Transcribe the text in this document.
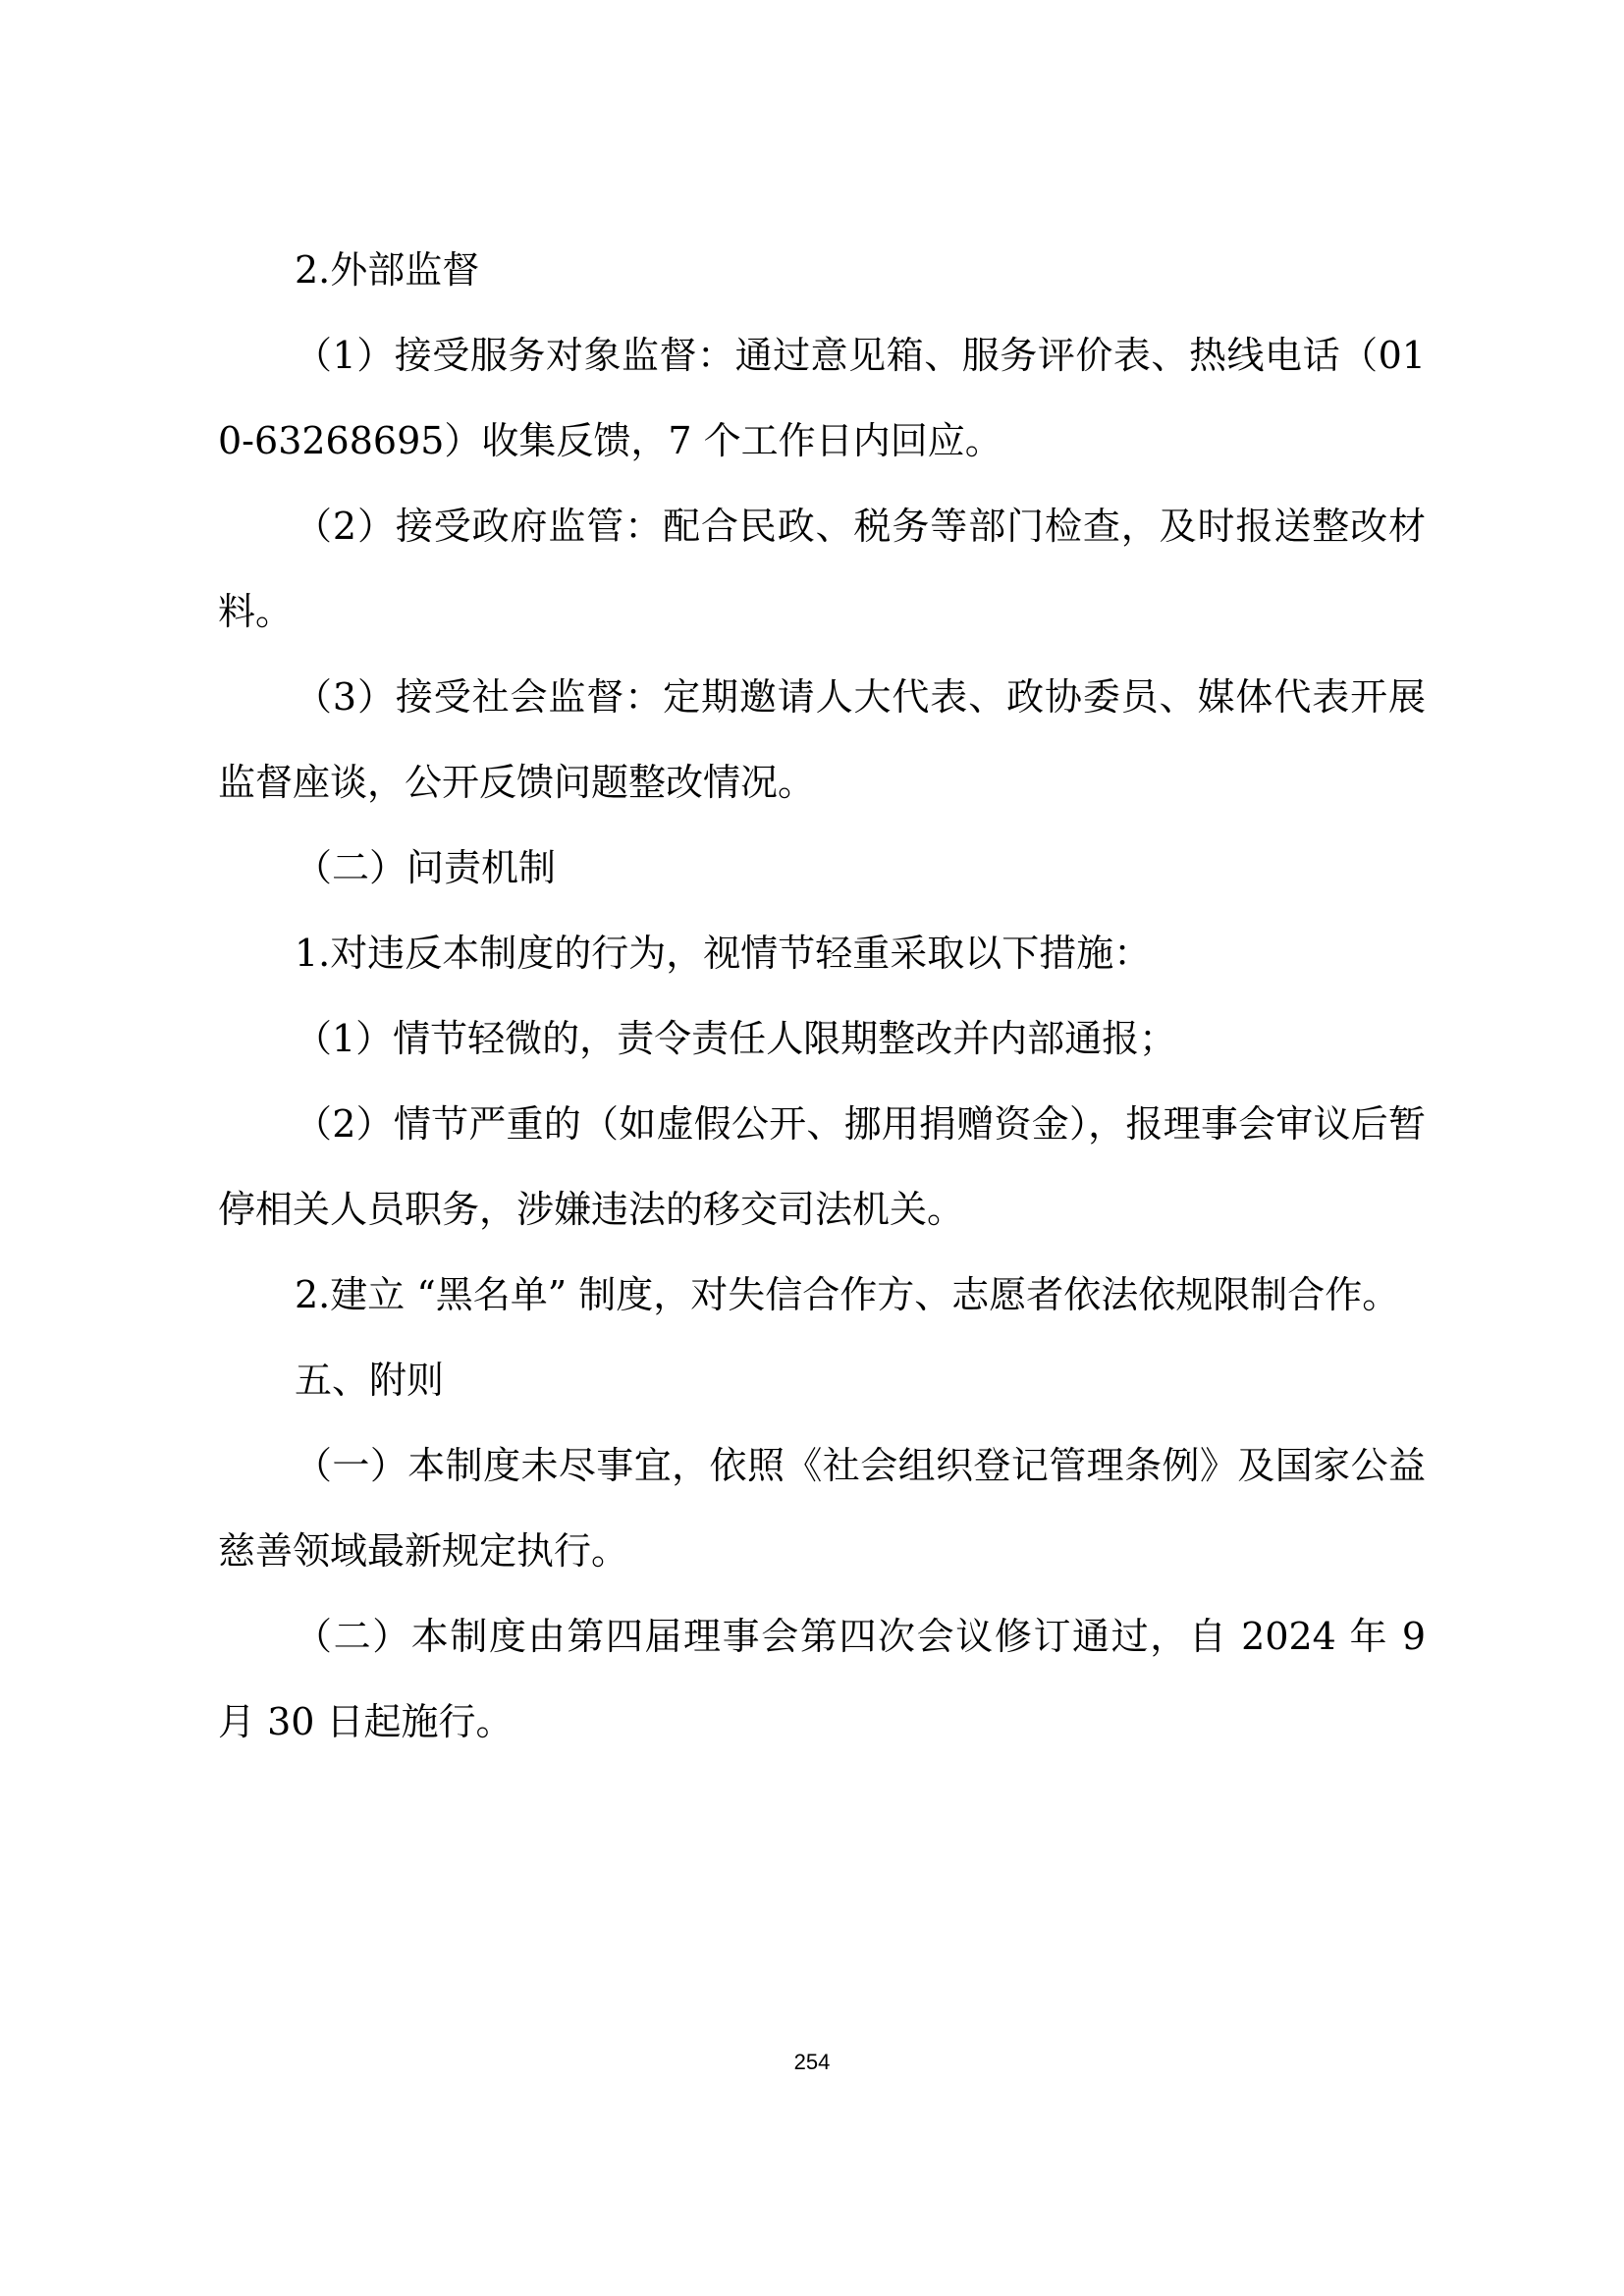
2.外部监督

（1）接受服务对象监督：通过意见箱、服务评价表、热线电话（010-63268695）收集反馈，7 个工作日内回应。

（2）接受政府监管：配合民政、税务等部门检查，及时报送整改材料。

（3）接受社会监督：定期邀请人大代表、政协委员、媒体代表开展监督座谈，公开反馈问题整改情况。

（二）问责机制

1.对违反本制度的行为，视情节轻重采取以下措施：

（1）情节轻微的，责令责任人限期整改并内部通报；

（2）情节严重的（如虚假公开、挪用捐赠资金），报理事会审议后暂停相关人员职务，涉嫌违法的移交司法机关。

2.建立 “黑名单” 制度，对失信合作方、志愿者依法依规限制合作。

五、附则

（一）本制度未尽事宜，依照《社会组织登记管理条例》及国家公益慈善领域最新规定执行。

（二）本制度由第四届理事会第四次会议修订通过，自 2024 年 9 月 30 日起施行。

254
